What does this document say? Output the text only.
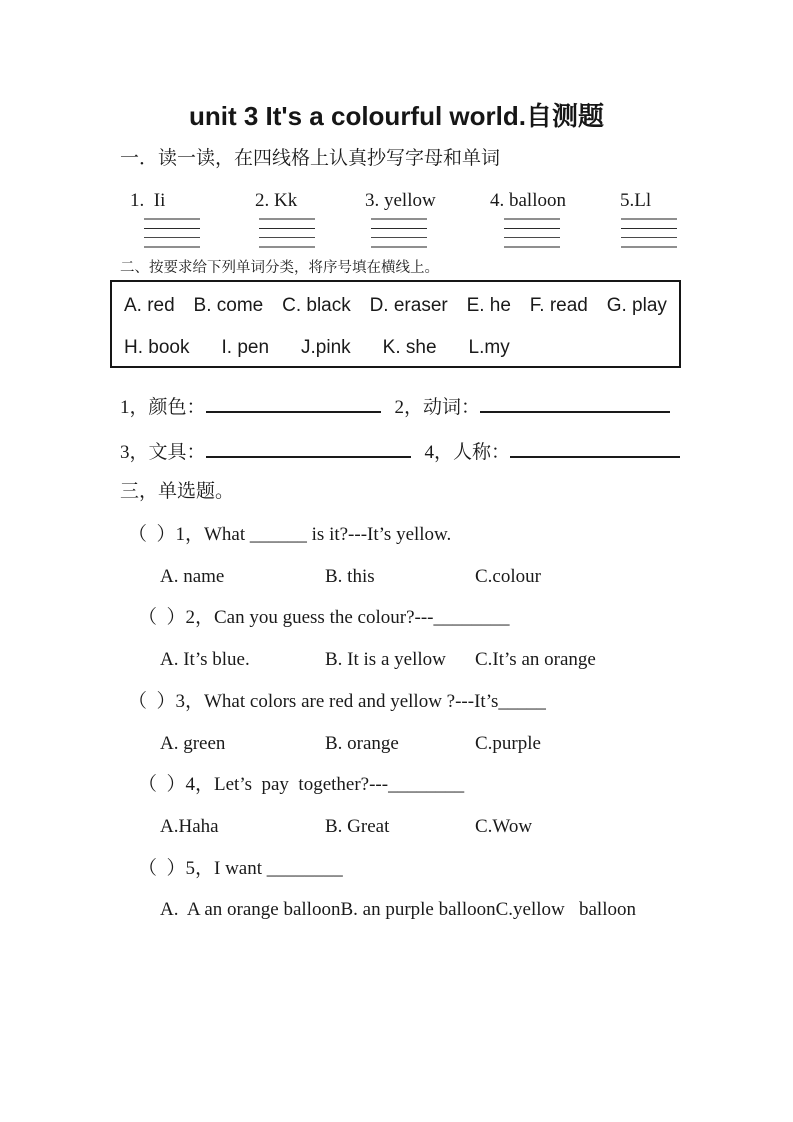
unit 3 It's a colourful world.自测题
一．读一读，在四线格上认真抄写字母和单词
1.  Ii	2. Kk	3. yellow	4. balloon	5.Ll
二、按要求给下列单词分类，将序号填在横线上。
A. red B. come C. black D. eraser E. he F. read G. play
H. book I. pen J.pink K. she L.my
1，颜色：	2，动词：
3，文具：	4，人称：
三，单选题。
（  ）1，What ______ is it?---It’s yellow.
A. name	B. this	C.colour
（  ）2，Can you guess the colour?---________
A. It’s blue.	B. It is a yellow	C.It’s an orange
（  ）3，What colors are red and yellow ?---It’s_____
A. green	B. orange	C.purple
（  ）4，Let’s  pay  together?---________
A.Haha	B. Great	C.Wow
（  ）5，I want ________
A.  A an orange balloon B. an purple balloon C.yellow   balloon
